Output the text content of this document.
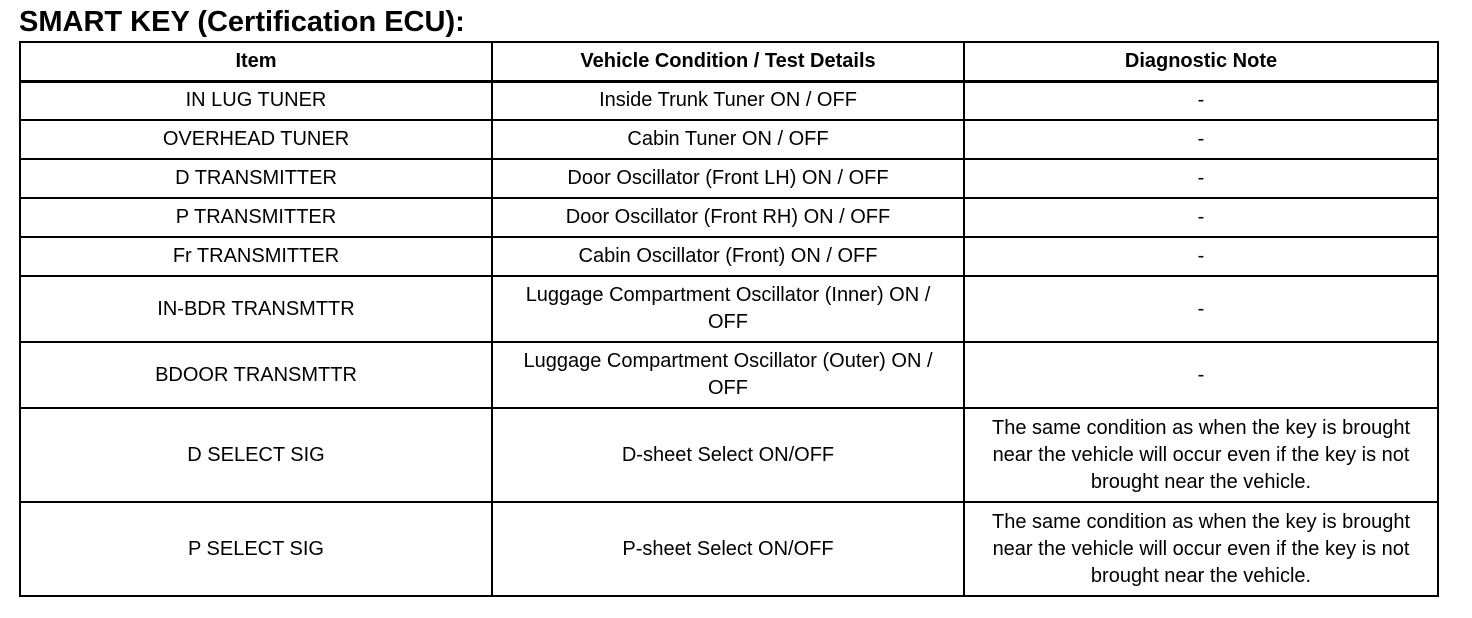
SMART KEY (Certification ECU):
Item	Vehicle Condition / Test Details	Diagnostic Note
IN LUG TUNER	Inside Trunk Tuner ON / OFF	-
OVERHEAD TUNER	Cabin Tuner ON / OFF	-
D TRANSMITTER	Door Oscillator (Front LH) ON / OFF	-
P TRANSMITTER	Door Oscillator (Front RH) ON / OFF	-
Fr TRANSMITTER	Cabin Oscillator (Front) ON / OFF	-
IN-BDR TRANSMTTR	Luggage Compartment Oscillator (Inner) ON / OFF	-
BDOOR TRANSMTTR	Luggage Compartment Oscillator (Outer) ON / OFF	-
D SELECT SIG	D-sheet Select ON/OFF	The same condition as when the key is brought near the vehicle will occur even if the key is not brought near the vehicle.
P SELECT SIG	P-sheet Select ON/OFF	The same condition as when the key is brought near the vehicle will occur even if the key is not brought near the vehicle.
